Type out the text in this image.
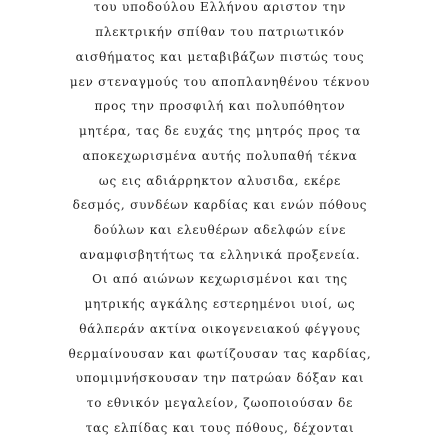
του υποδούλου Ελλήνου αριστον την
πλεκτρικήν σπίθαν του πατριωτικόν
αισθήματος και μεταβιβάζων πιστώς τους
μεν στεναγμούς του αποπλανηθένου τέκνου
προς την προσφιλή και πολυπόθητον
μητέρα, τας δε ευχάς της μητρός προς τα
αποκεχωρισμένα αυτής πολυπαθή τέκνα
ως εις αδιάρρηκτον αλυσιδα, εκέρε
δεσμός, συνδέων καρδίας και ενών πόθους
δούλων και ελευθέρων αδελφών είνε
αναμφισβητήτως τα ελληνικά προξενεία.
Οι από αιώνων κεχωρισμένοι και της
μητρικής αγκάλης εστερημένοι υιοί, ως
θάλπεράν ακτίνα οικογενειακού φέγγους
θερμαίνουσαν και φωτίζουσαν τας καρδίας,
υπομιμνήσκουσαν την πατρώαν δόξαν και
το εθνικόν μεγαλείον, ζωοποιούσαν δε
τας ελπίδας και τους πόθους, δέχονται
